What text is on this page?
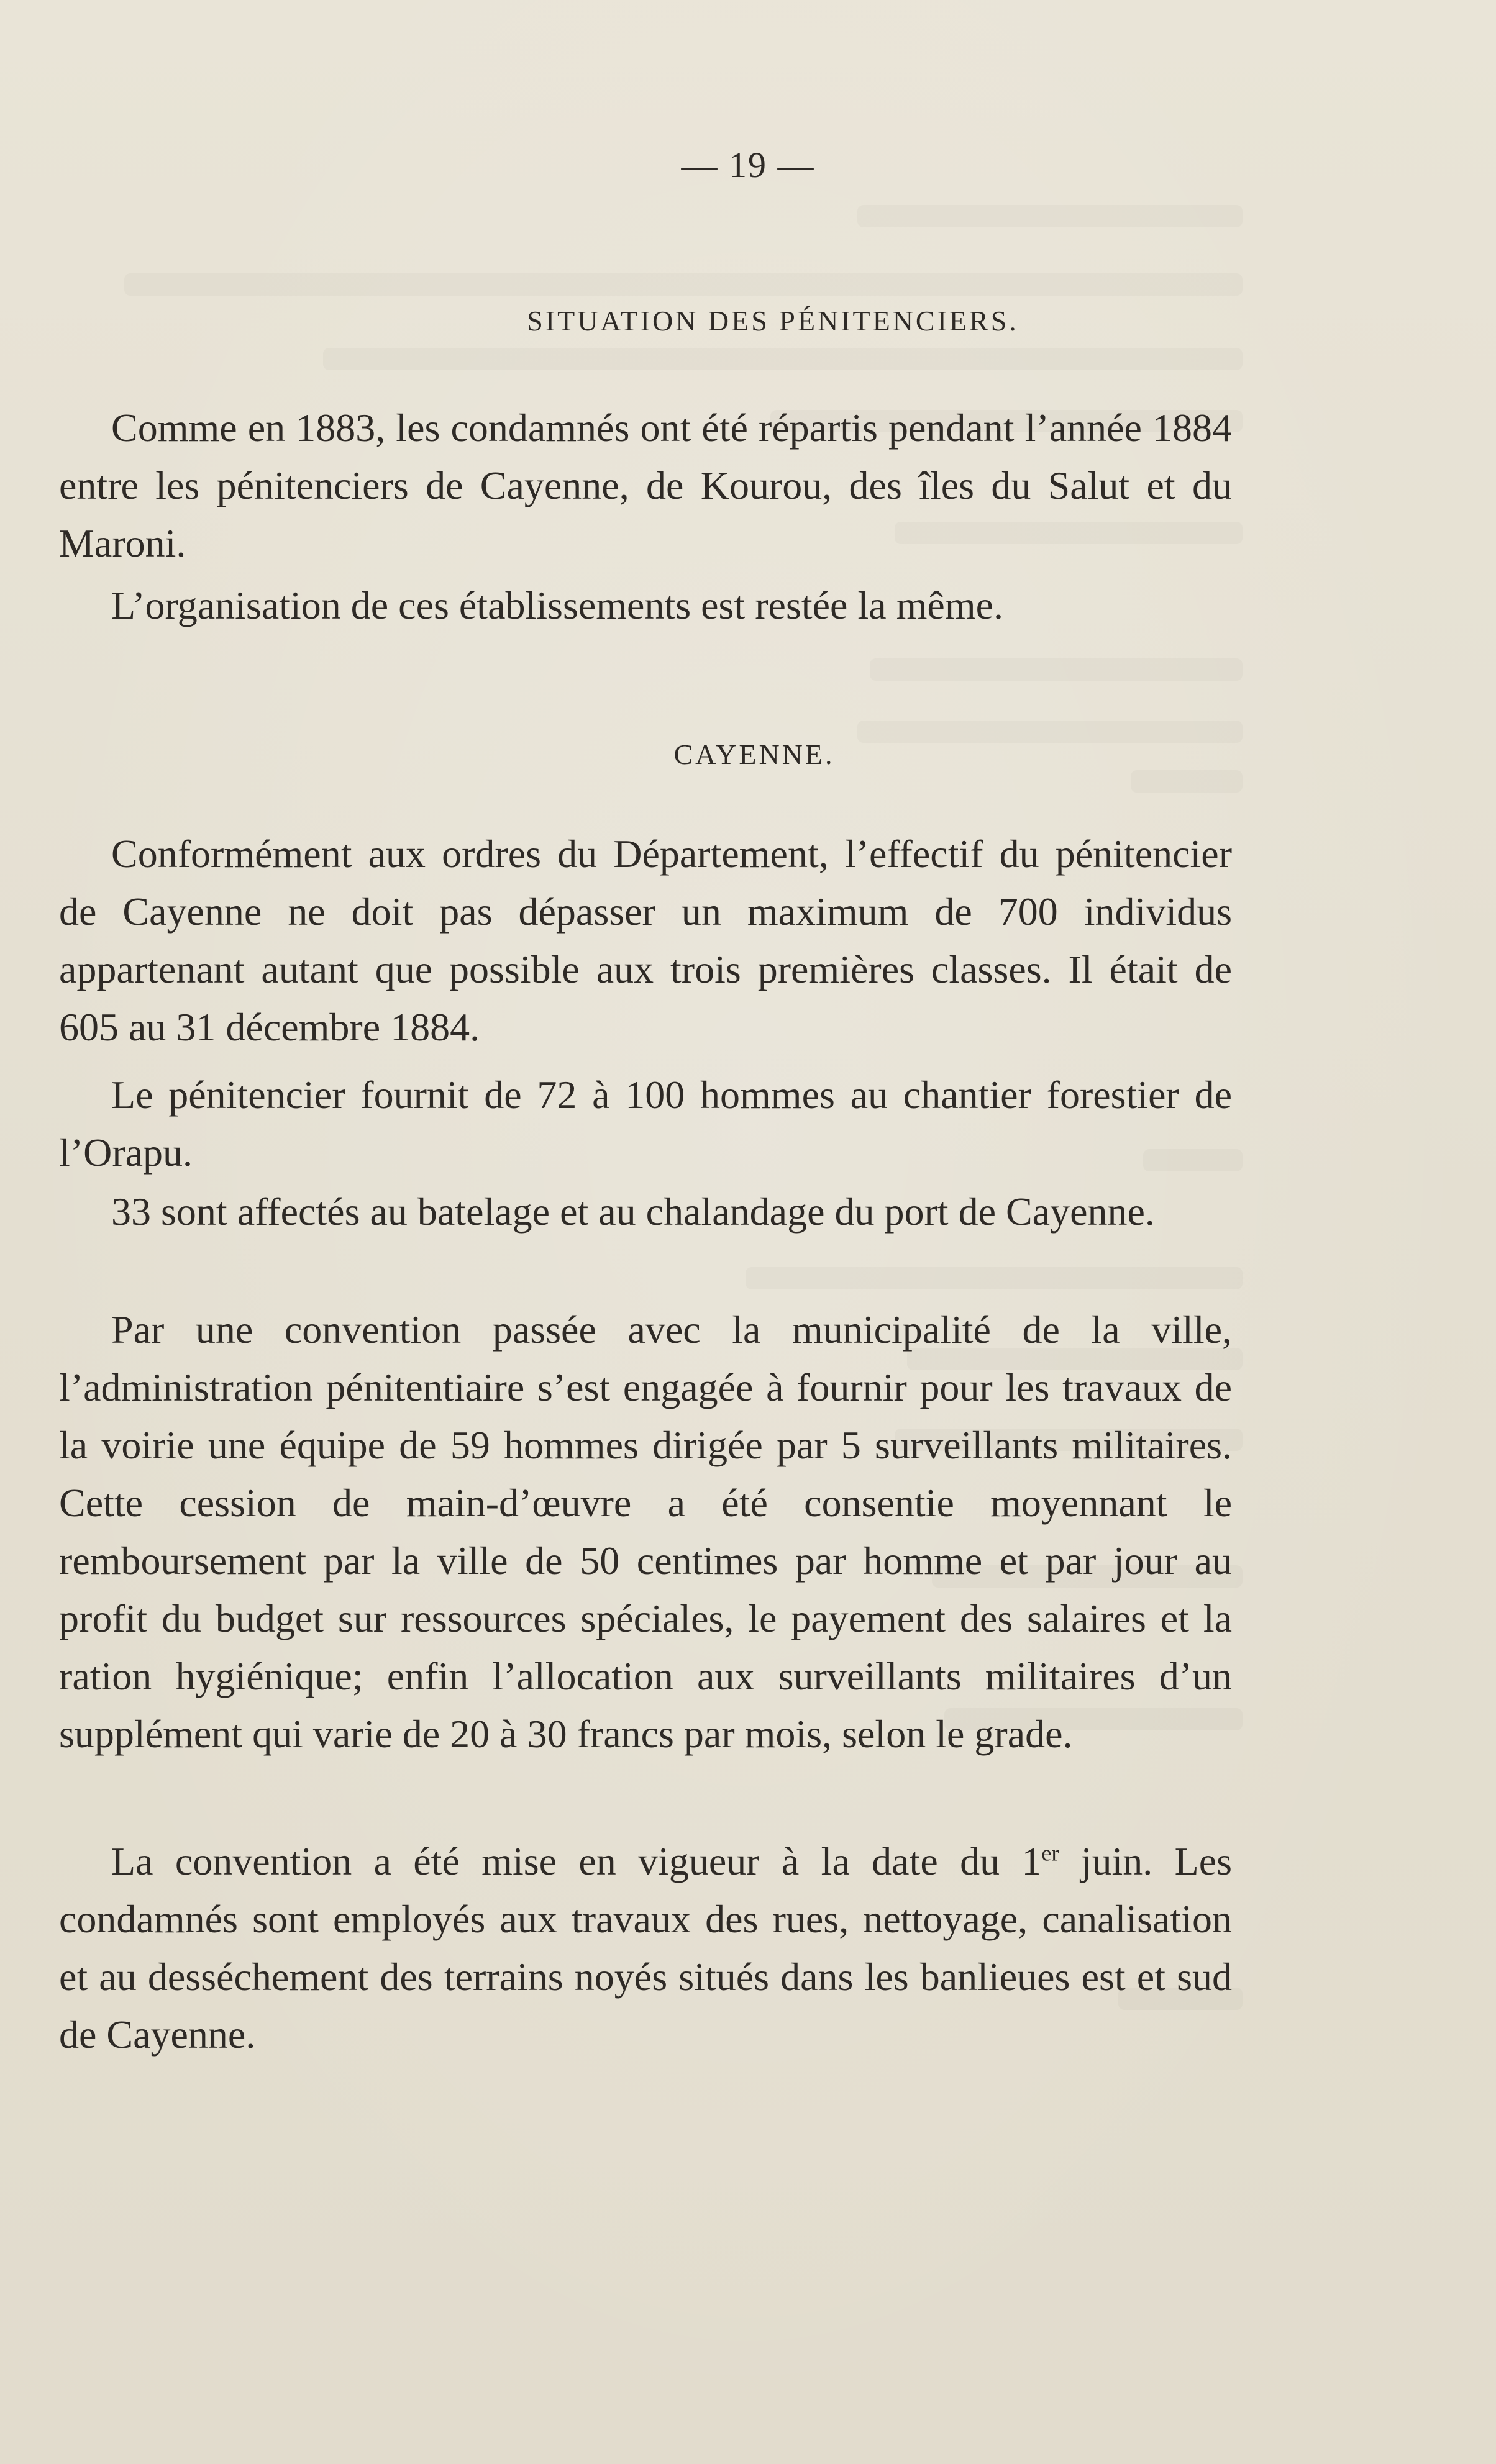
— 19 —
SITUATION DES PÉNITENCIERS.

Comme en 1883, les condamnés ont été répartis pendant l’année 1884 entre les pénitenciers de Cayenne, de Kourou, des îles du Salut et du Maroni.

L’organisation de ces établissements est restée la même.

CAYENNE.

Conformément aux ordres du Département, l’effectif du pénitencier de Cayenne ne doit pas dépasser un maximum de 700 individus appartenant autant que possible aux trois premières classes. Il était de 605 au 31 décembre 1884.

Le pénitencier fournit de 72 à 100 hommes au chantier forestier de l’Orapu.

33 sont affectés au batelage et au chalandage du port de Cayenne.

Par une convention passée avec la municipalité de la ville, l’administration pénitentiaire s’est engagée à fournir pour les travaux de la voirie une équipe de 59 hommes dirigée par 5 surveillants militaires. Cette cession de main-d’œuvre a été consentie moyennant le remboursement par la ville de 50 centimes par homme et par jour au profit du budget sur ressources spéciales, le payement des salaires et la ration hygiénique; enfin l’allocation aux surveillants militaires d’un supplément qui varie de 20 à 30 francs par mois, selon le grade.

La convention a été mise en vigueur à la date du 1er juin. Les condamnés sont employés aux travaux des rues, nettoyage, canalisation et au desséchement des terrains noyés situés dans les banlieues est et sud de Cayenne.
